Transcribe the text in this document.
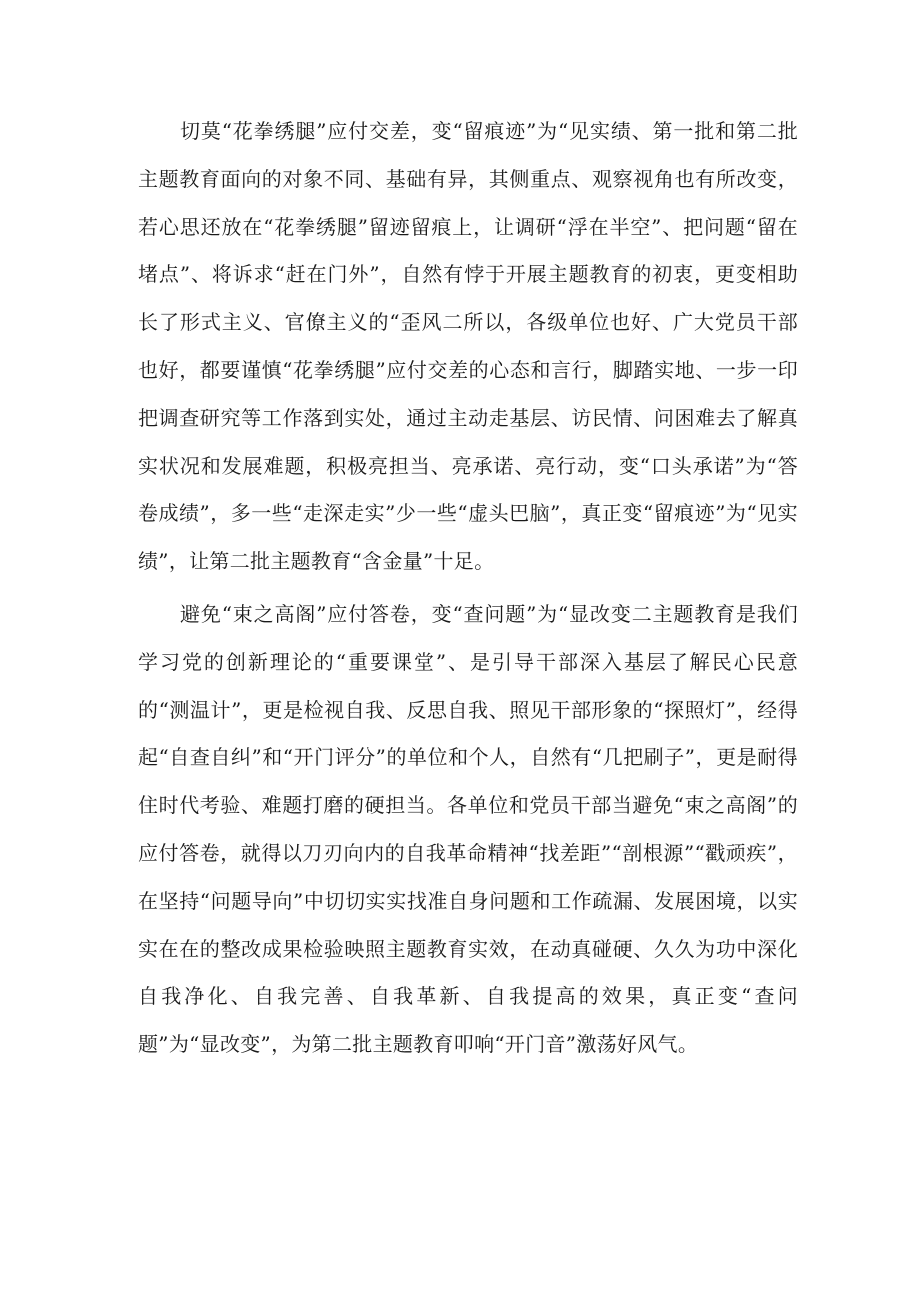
切莫“花拳绣腿”应付交差，变“留痕迹”为“见实绩、第一批和第二批主题教育面向的对象不同、基础有异，其侧重点、观察视角也有所改变，若心思还放在“花拳绣腿”留迹留痕上，让调研“浮在半空”、把问题“留在堵点”、将诉求“赶在门外”，自然有悖于开展主题教育的初衷，更变相助长了形式主义、官僚主义的“歪风二所以，各级单位也好、广大党员干部也好，都要谨慎“花拳绣腿”应付交差的心态和言行，脚踏实地、一步一印把调查研究等工作落到实处，通过主动走基层、访民情、问困难去了解真实状况和发展难题，积极亮担当、亮承诺、亮行动，变“口头承诺”为“答卷成绩”，多一些“走深走实”少一些“虚头巴脑”，真正变“留痕迹”为“见实绩”，让第二批主题教育“含金量”十足。

避免“束之高阁”应付答卷，变“查问题”为“显改变二主题教育是我们学习党的创新理论的“重要课堂”、是引导干部深入基层了解民心民意的“测温计”，更是检视自我、反思自我、照见干部形象的“探照灯”，经得起“自查自纠”和“开门评分”的单位和个人，自然有“几把刷子”，更是耐得住时代考验、难题打磨的硬担当。各单位和党员干部当避免“束之高阁”的应付答卷，就得以刀刃向内的自我革命精神“找差距”“剖根源”“戳顽疾”，在坚持“问题导向”中切切实实找准自身问题和工作疏漏、发展困境，以实实在在的整改成果检验映照主题教育实效，在动真碰硬、久久为功中深化自我净化、自我完善、自我革新、自我提高的效果，真正变“查问题”为“显改变”，为第二批主题教育叩响“开门音”激荡好风气。
